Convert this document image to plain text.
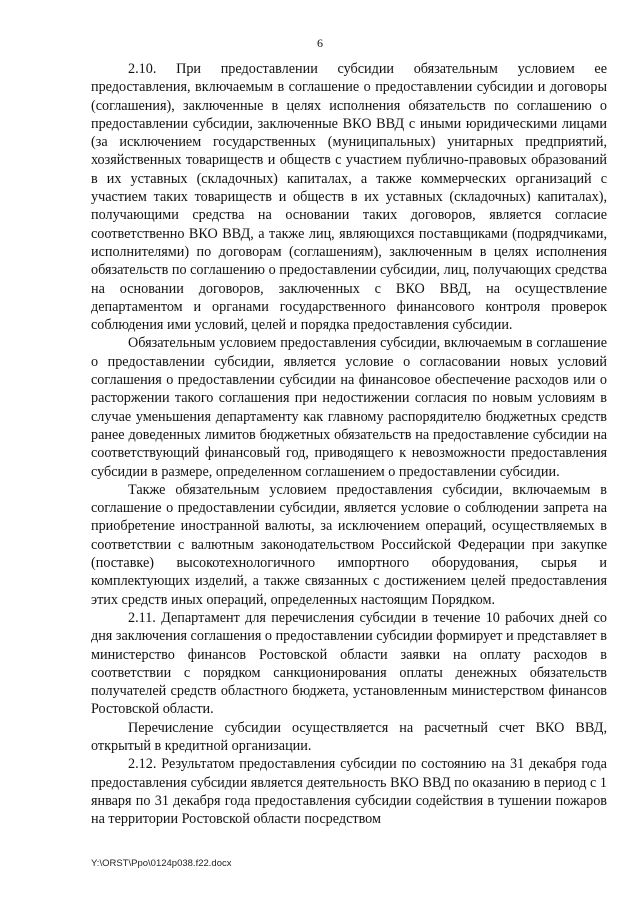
6

2.10. При предоставлении субсидии обязательным условием ее предоставления, включаемым в соглашение о предоставлении субсидии и договоры (соглашения), заключенные в целях исполнения обязательств по соглашению о предоставлении субсидии, заключенные ВКО ВВД с иными юридическими лицами (за исключением государственных (муниципальных) унитарных предприятий, хозяйственных товариществ и обществ с участием публично-правовых образований в их уставных (складочных) капиталах, а также коммерческих организаций с участием таких товариществ и обществ в их уставных (складочных) капиталах), получающими средства на основании таких договоров, является согласие соответственно ВКО ВВД, а также лиц, являющихся поставщиками (подрядчиками, исполнителями) по договорам (соглашениям), заключенным в целях исполнения обязательств по соглашению о предоставлении субсидии, лиц, получающих средства на основании договоров, заключенных с ВКО ВВД, на осуществление департаментом и органами государственного финансового контроля проверок соблюдения ими условий, целей и порядка предоставления субсидии.

Обязательным условием предоставления субсидии, включаемым в соглашение о предоставлении субсидии, является условие о согласовании новых условий соглашения о предоставлении субсидии на финансовое обеспечение расходов или о расторжении такого соглашения при недостижении согласия по новым условиям в случае уменьшения департаменту как главному распорядителю бюджетных средств ранее доведенных лимитов бюджетных обязательств на предоставление субсидии на соответствующий финансовый год, приводящего к невозможности предоставления субсидии в размере, определенном соглашением о предоставлении субсидии.

Также обязательным условием предоставления субсидии, включаемым в соглашение о предоставлении субсидии, является условие о соблюдении запрета на приобретение иностранной валюты, за исключением операций, осуществляемых в соответствии с валютным законодательством Российской Федерации при закупке (поставке) высокотехнологичного импортного оборудования, сырья и комплектующих изделий, а также связанных с достижением целей предоставления этих средств иных операций, определенных настоящим Порядком.

2.11. Департамент для перечисления субсидии в течение 10 рабочих дней со дня заключения соглашения о предоставлении субсидии формирует и представляет в министерство финансов Ростовской области заявки на оплату расходов в соответствии с порядком санкционирования оплаты денежных обязательств получателей средств областного бюджета, установленным министерством финансов Ростовской области.

Перечисление субсидии осуществляется на расчетный счет ВКО ВВД, открытый в кредитной организации.

2.12. Результатом предоставления субсидии по состоянию на 31 декабря года предоставления субсидии является деятельность ВКО ВВД по оказанию в период с 1 января по 31 декабря года предоставления субсидии содействия в тушении пожаров на территории Ростовской области посредством

Y:\ORST\Ppo\0124p038.f22.docx
